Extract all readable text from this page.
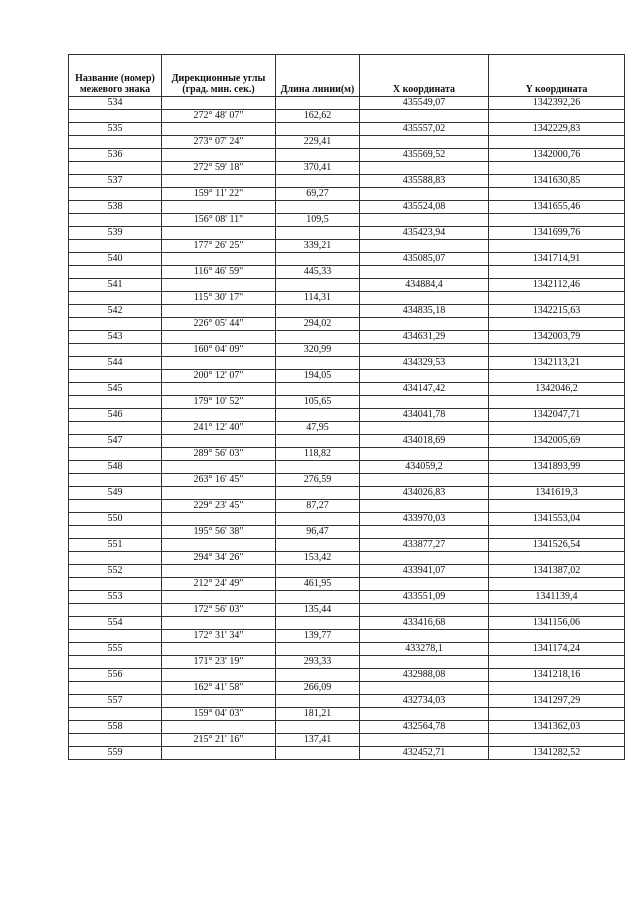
Название (номер) межевого знака	Дирекционные углы (град. мин. сек.)	Длина линии(м)	X координата	Y координата
534			435549,07	1342392,26
	272° 48' 07"	162,62		
535			435557,02	1342229,83
	273° 07' 24"	229,41		
536			435569,52	1342000,76
	272° 59' 18"	370,41		
537			435588,83	1341630,85
	159° 11' 22"	69,27		
538			435524,08	1341655,46
	156° 08' 11"	109,5		
539			435423,94	1341699,76
	177° 26' 25"	339,21		
540			435085,07	1341714,91
	116° 46' 59"	445,33		
541			434884,4	1342112,46
	115° 30' 17"	114,31		
542			434835,18	1342215,63
	226° 05' 44"	294,02		
543			434631,29	1342003,79
	160° 04' 09"	320,99		
544			434329,53	1342113,21
	200° 12' 07"	194,05		
545			434147,42	1342046,2
	179° 10' 52"	105,65		
546			434041,78	1342047,71
	241° 12' 40"	47,95		
547			434018,69	1342005,69
	289° 56' 03"	118,82		
548			434059,2	1341893,99
	263° 16' 45"	276,59		
549			434026,83	1341619,3
	229° 23' 45"	87,27		
550			433970,03	1341553,04
	195° 56' 38"	96,47		
551			433877,27	1341526,54
	294° 34' 26"	153,42		
552			433941,07	1341387,02
	212° 24' 49"	461,95		
553			433551,09	1341139,4
	172° 56' 03"	135,44		
554			433416,68	1341156,06
	172° 31' 34"	139,77		
555			433278,1	1341174,24
	171° 23' 19"	293,33		
556			432988,08	1341218,16
	162° 41' 58"	266,09		
557			432734,03	1341297,29
	159° 04' 03"	181,21		
558			432564,78	1341362,03
	215° 21' 16"	137,41		
559			432452,71	1341282,52
